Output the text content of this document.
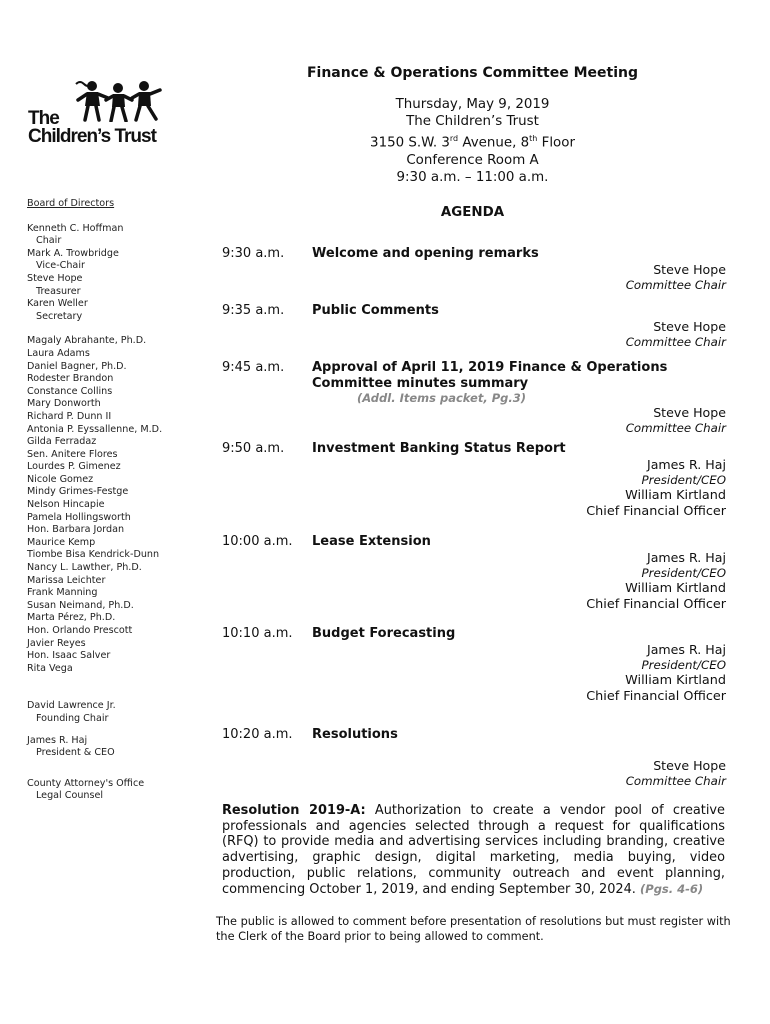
The
Children’s Trust
Board of Directors
Kenneth C. Hoffman
Chair
Mark A. Trowbridge
Vice-Chair
Steve Hope
Treasurer
Karen Weller
Secretary
Magaly Abrahante, Ph.D.
Laura Adams
Daniel Bagner, Ph.D.
Rodester Brandon
Constance Collins
Mary Donworth
Richard P. Dunn II
Antonia P. Eyssallenne, M.D.
Gilda Ferradaz
Sen. Anitere Flores
Lourdes P. Gimenez
Nicole Gomez
Mindy Grimes-Festge
Nelson Hincapie
Pamela Hollingsworth
Hon. Barbara Jordan
Maurice Kemp
Tiombe Bisa Kendrick-Dunn
Nancy L. Lawther, Ph.D.
Marissa Leichter
Frank Manning
Susan Neimand, Ph.D.
Marta Pérez, Ph.D.
Hon. Orlando Prescott
Javier Reyes
Hon. Isaac Salver
Rita Vega
David Lawrence Jr.
Founding Chair
James R. Haj
President & CEO
County Attorney's Office
Legal Counsel
Finance & Operations Committee Meeting
Thursday, May 9, 2019
The Children’s Trust
3150 S.W. 3rd Avenue, 8th Floor
Conference Room A
9:30 a.m. – 11:00 a.m.
AGENDA
9:30 a.m. Welcome and opening remarks
Steve Hope
Committee Chair
9:35 a.m. Public Comments
Steve Hope
Committee Chair
9:45 a.m. Approval of April 11, 2019 Finance & Operations Committee minutes summary
(Addl. Items packet, Pg.3)
Steve Hope
Committee Chair
9:50 a.m. Investment Banking Status Report
James R. Haj
President/CEO
William Kirtland
Chief Financial Officer
10:00 a.m. Lease Extension
James R. Haj
President/CEO
William Kirtland
Chief Financial Officer
10:10 a.m. Budget Forecasting
James R. Haj
President/CEO
William Kirtland
Chief Financial Officer
10:20 a.m. Resolutions
Steve Hope
Committee Chair
Resolution 2019-A: Authorization to create a vendor pool of creative professionals and agencies selected through a request for qualifications (RFQ) to provide media and advertising services including branding, creative advertising, graphic design, digital marketing, media buying, video production, public relations, community outreach and event planning, commencing October 1, 2019, and ending September 30, 2024. (Pgs. 4-6)
The public is allowed to comment before presentation of resolutions but must register with the Clerk of the Board prior to being allowed to comment.
